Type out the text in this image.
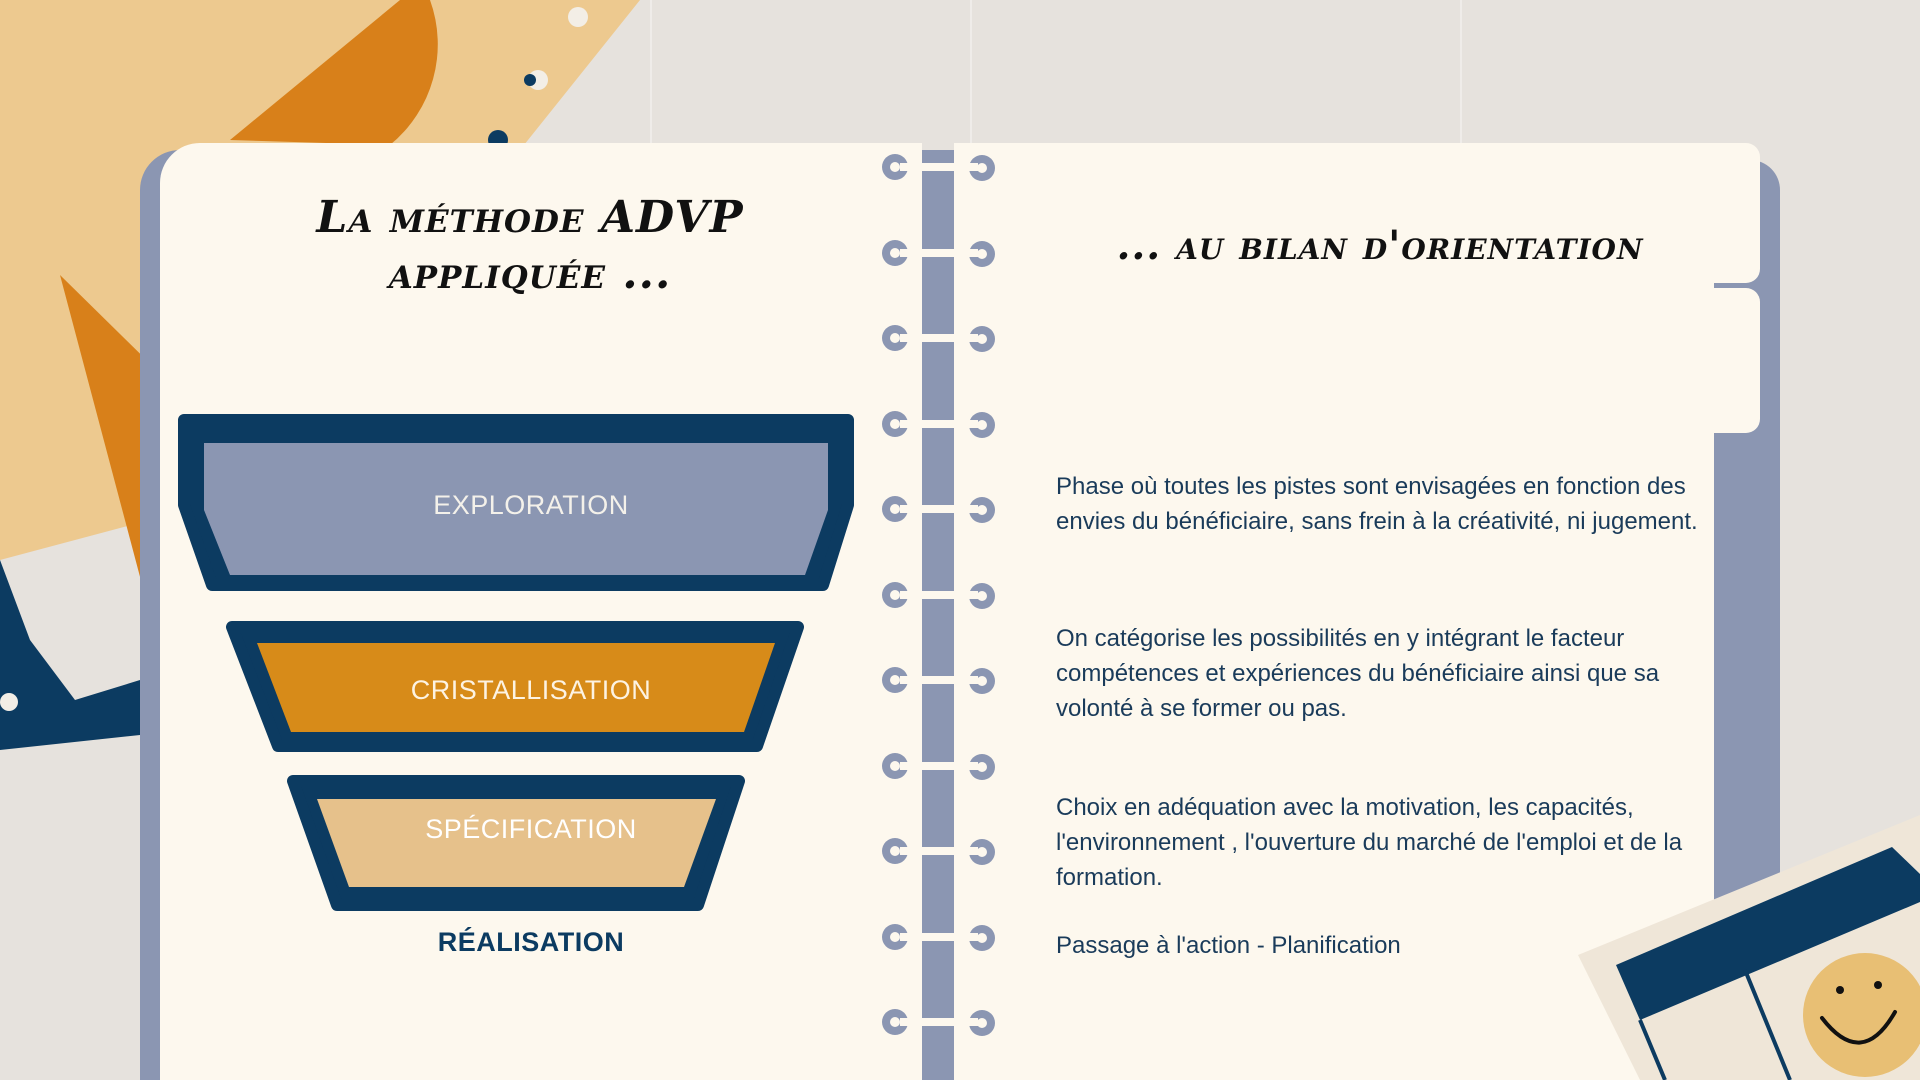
La méthode ADVP
appliquée ...
... au bilan d'orientation
EXPLORATION
CRISTALLISATION
SPÉCIFICATION
RÉALISATION

Phase où toutes les pistes sont envisagées en fonction des envies du bénéficiaire, sans frein à la créativité, ni jugement.

On catégorise les possibilités en y intégrant le facteur compétences et expériences du bénéficiaire ainsi que sa volonté à se former ou pas.

Choix en adéquation avec la motivation, les capacités, l'environnement , l'ouverture du marché de l'emploi et de la formation.

Passage à l'action - Planification
